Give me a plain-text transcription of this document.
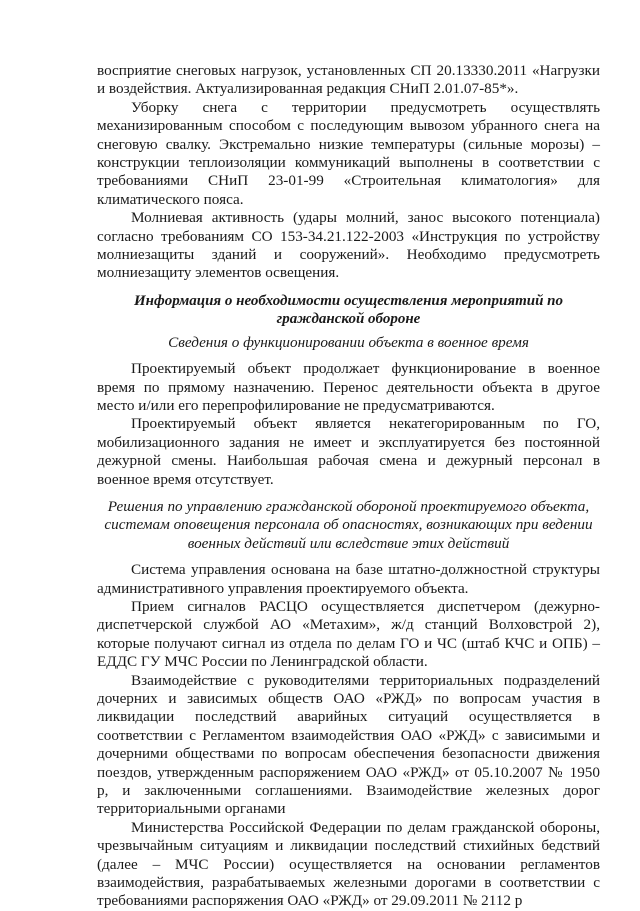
восприятие снеговых нагрузок, установленных СП 20.13330.2011 «Нагрузки и воздействия. Актуализированная редакция СНиП 2.01.07-85*».

Уборку снега с территории предусмотреть осуществлять механизированным способом с последующим вывозом убранного снега на снеговую свалку. Экстремально низкие температуры (сильные морозы) – конструкции теплоизоляции коммуникаций выполнены в соответствии с требованиями СНиП 23-01-99 «Строительная климатология» для климатического пояса.

Молниевая активность (удары молний, занос высокого потенциала) согласно требованиям СО 153-34.21.122-2003 «Инструкция по устройству молниезащиты зданий и сооружений». Необходимо предусмотреть молниезащиту элементов освещения.

Информация о необходимости осуществления мероприятий по гражданской обороне

Сведения о функционировании объекта в военное время

Проектируемый объект продолжает функционирование в военное время по прямому назначению. Перенос деятельности объекта в другое место и/или его перепрофилирование не предусматриваются.

Проектируемый объект является некатегорированным по ГО, мобилизационного задания не имеет и эксплуатируется без постоянной дежурной смены. Наибольшая рабочая смена и дежурный персонал в военное время отсутствует.

Решения по управлению гражданской обороной проектируемого объекта, системам оповещения персонала об опасностях, возникающих при ведении военных действий или вследствие этих действий

Система управления основана на базе штатно-должностной структуры административного управления проектируемого объекта.

Прием сигналов РАСЦО осуществляется диспетчером (дежурно-диспетчерской службой АО «Метахим», ж/д станций Волховстрой 2), которые получают сигнал из отдела по делам ГО и ЧС (штаб КЧС и ОПБ) – ЕДДС ГУ МЧС России по Ленинградской области.

Взаимодействие с руководителями территориальных подразделений дочерних и зависимых обществ ОАО «РЖД» по вопросам участия в ликвидации последствий аварийных ситуаций осуществляется в соответствии с Регламентом взаимодействия ОАО «РЖД» с зависимыми и дочерними обществами по вопросам обеспечения безопасности движения поездов, утвержденным распоряжением ОАО «РЖД» от 05.10.2007 № 1950 р, и заключенными соглашениями. Взаимодействие железных дорог территориальными органами

Министерства Российской Федерации по делам гражданской обороны, чрезвычайным ситуациям и ликвидации последствий стихийных бедствий (далее – МЧС России) осуществляется на основании регламентов взаимодействия, разрабатываемых железными дорогами в соответствии с требованиями распоряжения ОАО «РЖД» от 29.09.2011 № 2112 р
